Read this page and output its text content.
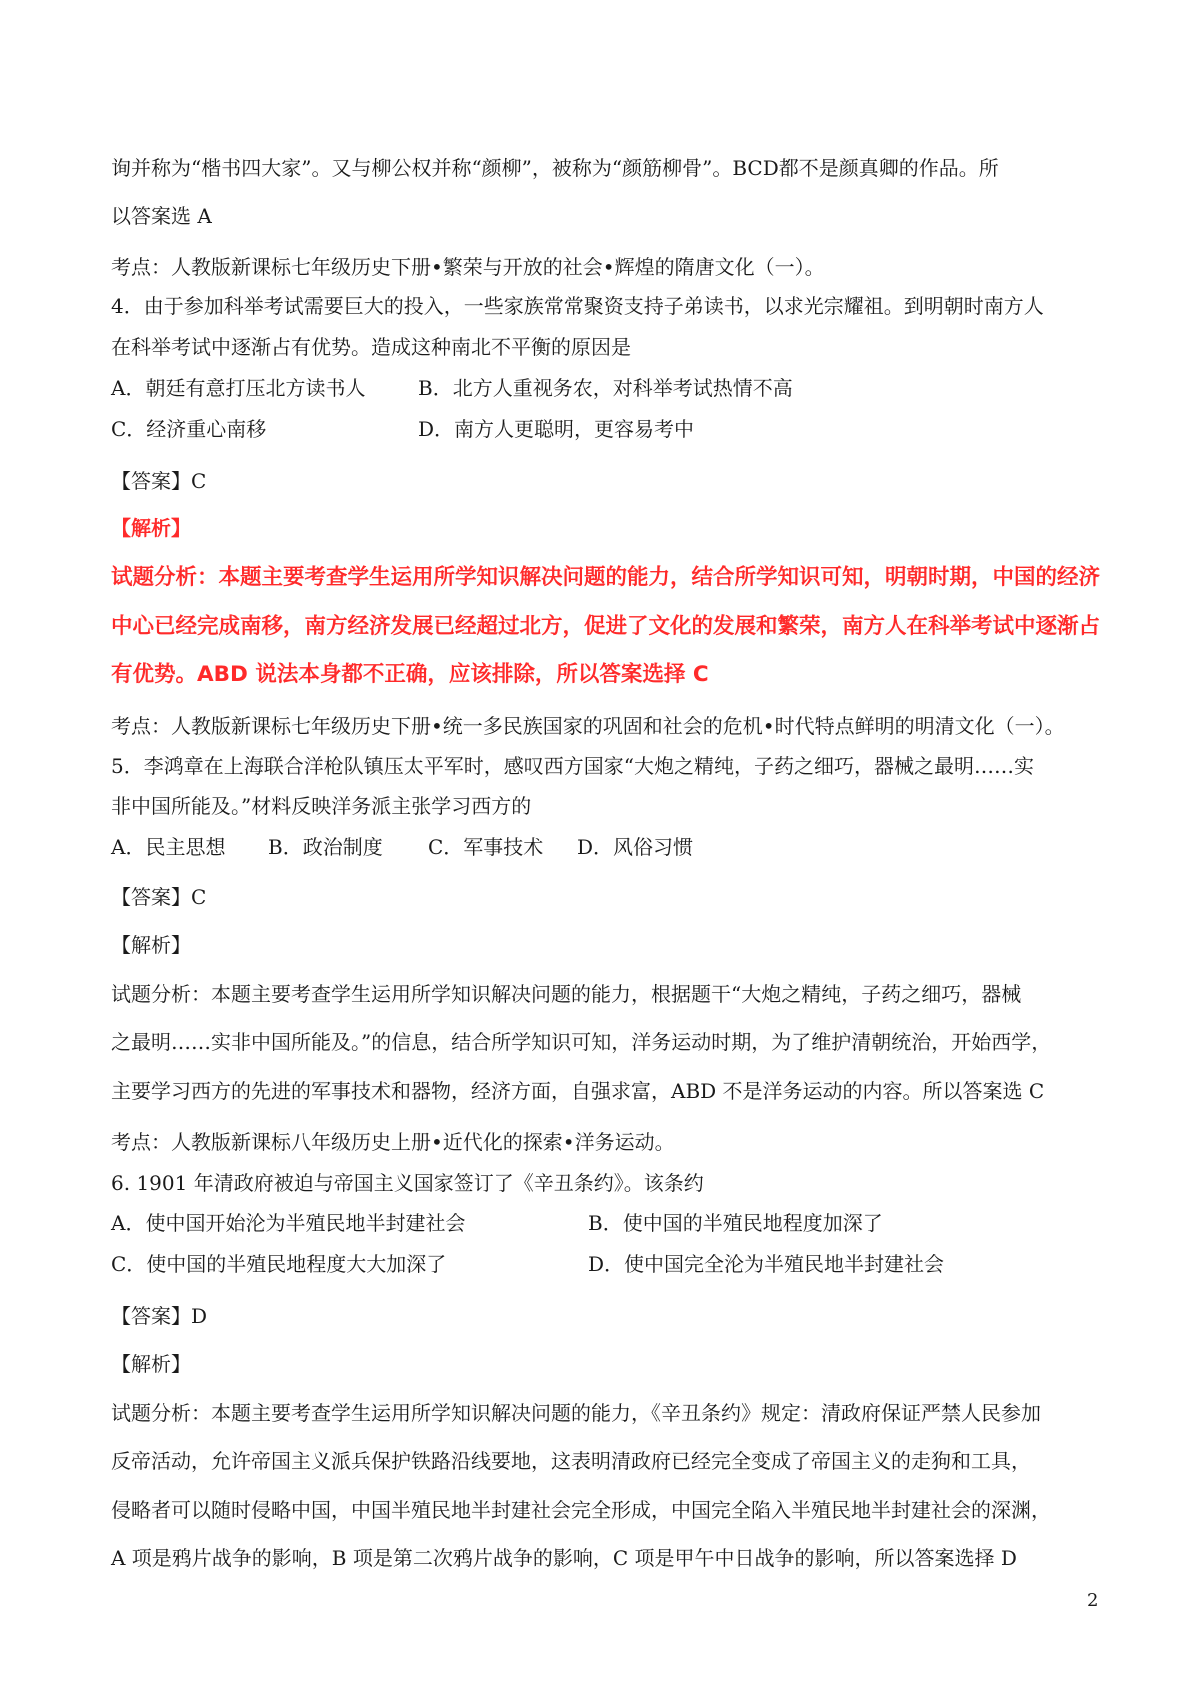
询并称为“楷书四大家”。又与柳公权并称“颜柳”，被称为“颜筋柳骨”。BCD都不是颜真卿的作品。所
以答案选 A
考点：人教版新课标七年级历史下册•繁荣与开放的社会•辉煌的隋唐文化（一）。
4．由于参加科举考试需要巨大的投入，一些家族常常聚资支持子弟读书，以求光宗耀祖。到明朝时南方人
在科举考试中逐渐占有优势。造成这种南北不平衡的原因是
A．朝廷有意打压北方读书人	B．北方人重视务农，对科举考试热情不高
C．经济重心南移	D．南方人更聪明，更容易考中
【答案】C
【解析】
试题分析：本题主要考查学生运用所学知识解决问题的能力，结合所学知识可知，明朝时期，中国的经济
中心已经完成南移，南方经济发展已经超过北方，促进了文化的发展和繁荣，南方人在科举考试中逐渐占
有优势。ABD 说法本身都不正确，应该排除，所以答案选择 C
考点：人教版新课标七年级历史下册•统一多民族国家的巩固和社会的危机•时代特点鲜明的明清文化（一）。
5．李鸿章在上海联合洋枪队镇压太平军时，感叹西方国家“大炮之精纯，子药之细巧，器械之最明……实
非中国所能及。”材料反映洋务派主张学习西方的
A．民主思想 B．政治制度 C．军事技术 D．风俗习惯
【答案】C
【解析】
试题分析：本题主要考查学生运用所学知识解决问题的能力，根据题干“大炮之精纯，子药之细巧，器械
之最明……实非中国所能及。”的信息，结合所学知识可知，洋务运动时期，为了维护清朝统治，开始西学，
主要学习西方的先进的军事技术和器物，经济方面，自强求富，ABD 不是洋务运动的内容。所以答案选 C
考点：人教版新课标八年级历史上册•近代化的探索•洋务运动。
6. 1901 年清政府被迫与帝国主义国家签订了《辛丑条约》。该条约
A．使中国开始沦为半殖民地半封建社会	B．使中国的半殖民地程度加深了
C．使中国的半殖民地程度大大加深了	D．使中国完全沦为半殖民地半封建社会
【答案】D
【解析】
试题分析：本题主要考查学生运用所学知识解决问题的能力，《辛丑条约》规定：清政府保证严禁人民参加
反帝活动，允许帝国主义派兵保护铁路沿线要地，这表明清政府已经完全变成了帝国主义的走狗和工具，
侵略者可以随时侵略中国，中国半殖民地半封建社会完全形成，中国完全陷入半殖民地半封建社会的深渊，
A 项是鸦片战争的影响，B 项是第二次鸦片战争的影响，C 项是甲午中日战争的影响，所以答案选择 D
2
